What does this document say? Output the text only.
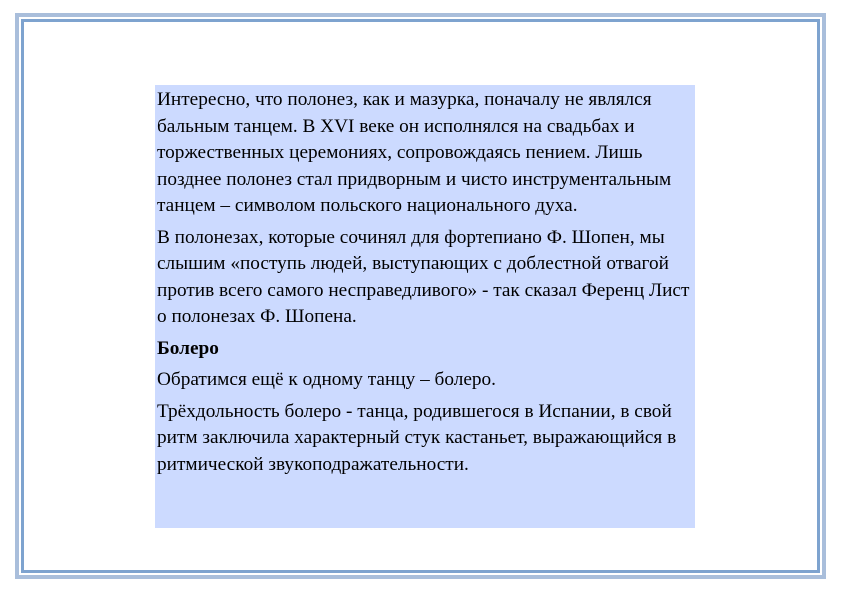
Интересно, что полонез, как и мазурка, поначалу не являлся бальным танцем. В XVI веке он исполнялся на свадьбах и торжественных церемониях, сопровождаясь пением. Лишь позднее полонез стал придворным и чисто инструментальным танцем – символом польского национального духа.

В полонезах, которые сочинял для фортепиано Ф. Шопен, мы слышим «поступь людей, выступающих с доблестной отвагой против всего самого несправедливого» - так сказал Ференц Лист о полонезах Ф. Шопена.

Болеро

Обратимся ещё к одному танцу – болеро.

Трёхдольность болеро - танца, родившегося в Испании, в свой ритм заключила характерный стук кастаньет, выражающийся в ритмической звукоподражательности.
